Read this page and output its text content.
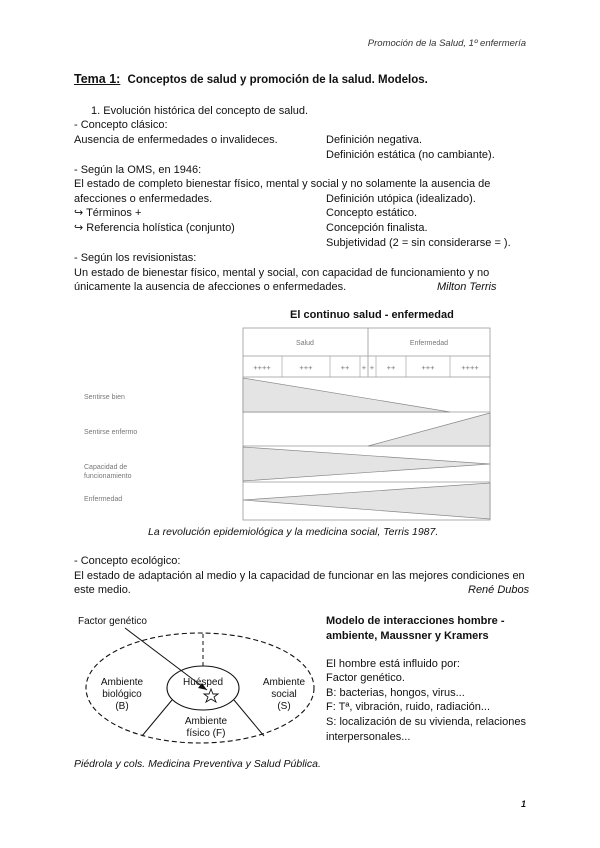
Promoción de la Salud, 1º enfermería
Tema 1: Conceptos de salud y promoción de la salud. Modelos.
1. Evolución histórica del concepto de salud.
- Concepto clásico:
Ausencia de enfermedades o invalideces.	Definición negativa.
Definición estática (no cambiante).
- Según la OMS, en 1946:
El estado de completo bienestar físico, mental y social y no solamente la ausencia de
afecciones o enfermedades.	Definición utópica (idealizado).
↪ Términos +	Concepto estático.
↪ Referencia holística (conjunto)	Concepción finalista.
Subjetividad (2 = sin considerarse = ).
- Según los revisionistas:
Un estado de bienestar físico, mental y social, con capacidad de funcionamiento y no
únicamente la ausencia de afecciones o enfermedades.	Milton Terris
El continuo salud - enfermedad
Salud	Enfermedad
++++	+++	++ + + ++	+++	++++
Sentirse bien
Sentirse enfermo
Capacidad de funcionamiento
Enfermedad
La revolución epidemiológica y la medicina social, Terris 1987.
- Concepto ecológico:
El estado de adaptación al medio y la capacidad de funcionar en las mejores condiciones en
este medio.	René Dubos
Factor genético
Huésped
Ambiente
biológico
(B)
Ambiente
social
(S)
Ambiente
físico (F)
Modelo de interacciones hombre -
ambiente, Maussner y Kramers
El hombre está influido por:
Factor genético.
B: bacterias, hongos, virus...
F: Tª, vibración, ruido, radiación...
S: localización de su vivienda, relaciones
interpersonales...
Piédrola y cols. Medicina Preventiva y Salud Pública.
1
